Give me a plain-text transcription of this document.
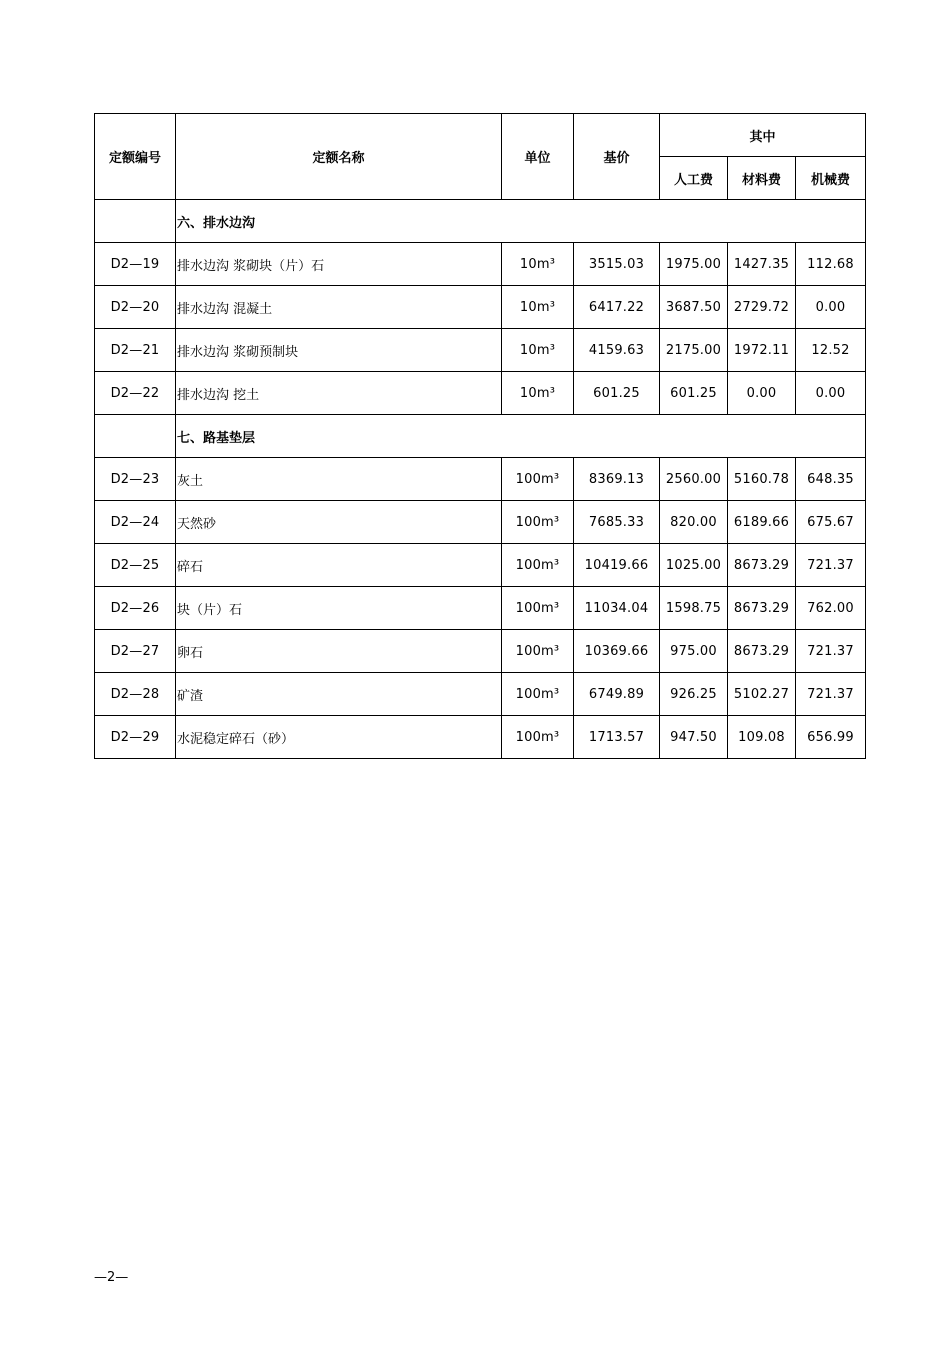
定额编号	定额名称	单位	基价	其中		
				人工费	材料费	机械费
	六、排水边沟					
D2—19	排水边沟 浆砌块（片）石	10m³	3515.03	1975.00	1427.35	112.68
D2—20	排水边沟 混凝土	10m³	6417.22	3687.50	2729.72	0.00
D2—21	排水边沟 浆砌预制块	10m³	4159.63	2175.00	1972.11	12.52
D2—22	排水边沟 挖土	10m³	601.25	601.25	0.00	0.00
	七、路基垫层					
D2—23	灰土	100m³	8369.13	2560.00	5160.78	648.35
D2—24	天然砂	100m³	7685.33	820.00	6189.66	675.67
D2—25	碎石	100m³	10419.66	1025.00	8673.29	721.37
D2—26	块（片）石	100m³	11034.04	1598.75	8673.29	762.00
D2—27	卵石	100m³	10369.66	975.00	8673.29	721.37
D2—28	矿渣	100m³	6749.89	926.25	5102.27	721.37
D2—29	水泥稳定碎石（砂）	100m³	1713.57	947.50	109.08	656.99
—2—
